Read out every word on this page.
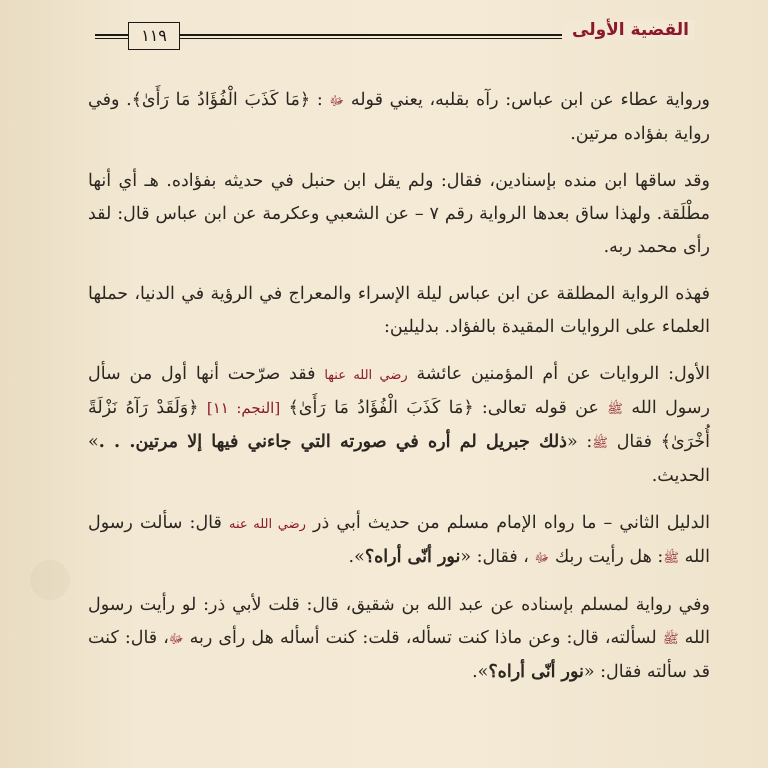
١١٩	القضية الأولى

ورواية عطاء عن ابن عباس: رآه بقلبه، يعني قوله ﷻ : ﴿مَا كَذَبَ الْفُؤَادُ مَا رَأَىٰ﴾. وفي رواية بفؤاده مرتين.

وقد ساقها ابن منده بإسنادين، فقال: ولم يقل ابن حنبل في حديثه بفؤاده. هـ أي أنها مطْلَقة. ولهذا ساق بعدها الرواية رقم ٧ – عن الشعبي وعكرمة عن ابن عباس قال: لقد رأى محمد ربه.

فهذه الرواية المطلقة عن ابن عباس ليلة الإسراء والمعراج في الرؤية في الدنيا، حملها العلماء على الروايات المقيدة بالفؤاد. بدليلين:

الأول: الروايات عن أم المؤمنين عائشة رضي الله عنها فقد صرّحت أنها أول من سأل رسول الله ﷺ عن قوله تعالى: ﴿مَا كَذَبَ الْفُؤَادُ مَا رَأَىٰ﴾ [النجم: ١١] ﴿وَلَقَدْ رَآهُ نَزْلَةً أُخْرَىٰ﴾ فقال ﷺ: «ذلك جبريل لم أره في صورته التي جاءني فيها إلا مرتين. . .» الحديث.

الدليل الثاني – ما رواه الإمام مسلم من حديث أبي ذر رضي الله عنه قال: سألت رسول الله ﷺ: هل رأيت ربك ﷻ ، فقال: «نور أنّى أراه؟».

وفي رواية لمسلم بإسناده عن عبد الله بن شقيق، قال: قلت لأبي ذر: لو رأيت رسول الله ﷺ لسألته، قال: وعن ماذا كنت تسأله، قلت: كنت أسأله هل رأى ربه ﷻ، قال: كنت قد سألته فقال: «نور أنّى أراه؟».
